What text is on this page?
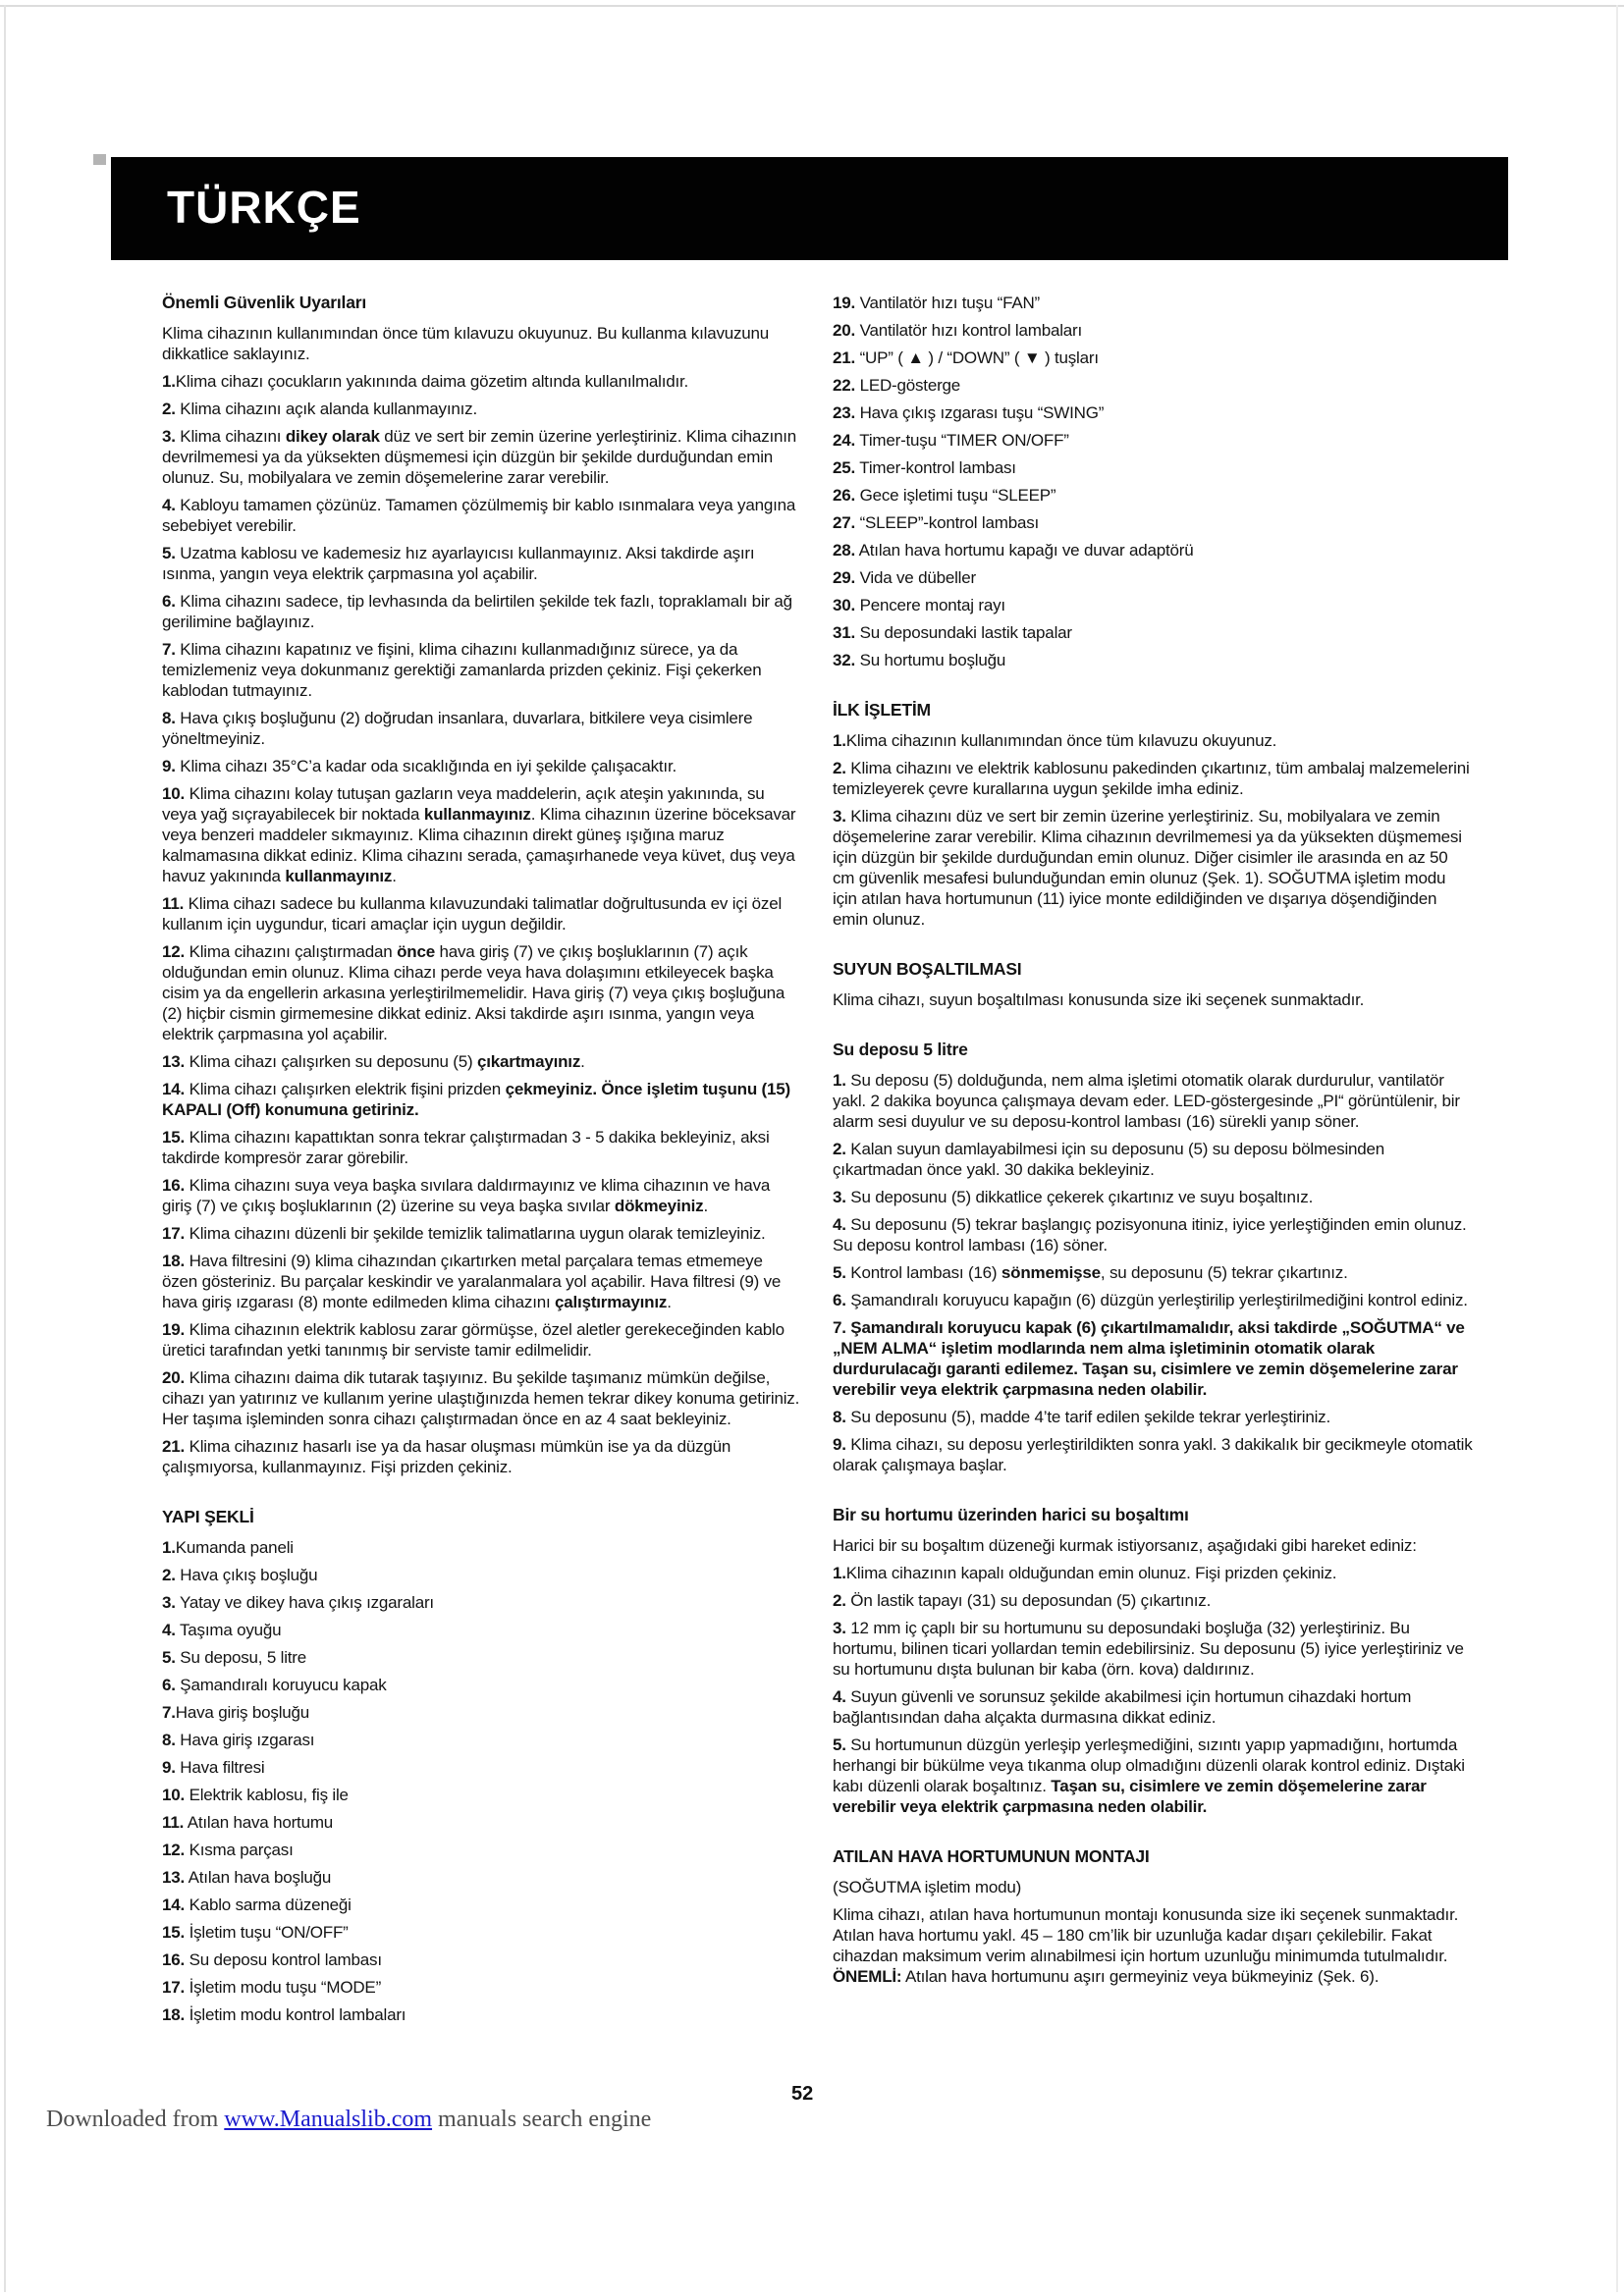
TÜRKÇE

Önemli Güvenlik Uyarıları

Klima cihazının kullanımından önce tüm kılavuzu okuyunuz. Bu kullanma kılavuzunu dikkatlice saklayınız.

1.Klima cihazı çocukların yakınında daima gözetim altında kullanılmalıdır.

2. Klima cihazını açık alanda kullanmayınız.

3. Klima cihazını dikey olarak düz ve sert bir zemin üzerine yerleştiriniz. Klima cihazının devrilmemesi ya da yüksekten düşmemesi için düzgün bir şekilde durduğundan emin olunuz. Su, mobilyalara ve zemin döşemelerine zarar verebilir.

4. Kabloyu tamamen çözünüz. Tamamen çözülmemiş bir kablo ısınmalara veya yangına sebebiyet verebilir.

5. Uzatma kablosu ve kademesiz hız ayarlayıcısı kullanmayınız. Aksi takdirde aşırı ısınma, yangın veya elektrik çarpmasına yol açabilir.

6. Klima cihazını sadece, tip levhasında da belirtilen şekilde tek fazlı, topraklamalı bir ağ gerilimine bağlayınız.

7. Klima cihazını kapatınız ve fişini, klima cihazını kullanmadığınız sürece, ya da temizlemeniz veya dokunmanız gerektiği zamanlarda prizden çekiniz. Fişi çekerken kablodan tutmayınız.

8. Hava çıkış boşluğunu (2) doğrudan insanlara, duvarlara, bitkilere veya cisimlere yöneltmeyiniz.

9. Klima cihazı 35°C’a kadar oda sıcaklığında en iyi şekilde çalışacaktır.

10. Klima cihazını kolay tutuşan gazların veya maddelerin, açık ateşin yakınında, su veya yağ sıçrayabilecek bir noktada kullanmayınız. Klima cihazının üzerine böceksavar veya benzeri maddeler sıkmayınız. Klima cihazının direkt güneş ışığına maruz kalmamasına dikkat ediniz. Klima cihazını serada, çamaşırhanede veya küvet, duş veya havuz yakınında kullanmayınız.

11. Klima cihazı sadece bu kullanma kılavuzundaki talimatlar doğrultusunda ev içi özel kullanım için uygundur, ticari amaçlar için uygun değildir.

12. Klima cihazını çalıştırmadan önce hava giriş (7) ve çıkış boşluklarının (7) açık olduğundan emin olunuz. Klima cihazı perde veya hava dolaşımını etkileyecek başka cisim ya da engellerin arkasına yerleştirilmemelidir. Hava giriş (7) veya çıkış boşluğuna (2) hiçbir cismin girmemesine dikkat ediniz. Aksi takdirde aşırı ısınma, yangın veya elektrik çarpmasına yol açabilir.

13. Klima cihazı çalışırken su deposunu (5) çıkartmayınız.

14. Klima cihazı çalışırken elektrik fişini prizden çekmeyiniz. Önce işletim tuşunu (15) KAPALI (Off) konumuna getiriniz.

15. Klima cihazını kapattıktan sonra tekrar çalıştırmadan 3 - 5 dakika bekleyiniz, aksi takdirde kompresör zarar görebilir.

16. Klima cihazını suya veya başka sıvılara daldırmayınız ve klima cihazının ve hava giriş (7) ve çıkış boşluklarının (2) üzerine su veya başka sıvılar dökmeyiniz.

17. Klima cihazını düzenli bir şekilde temizlik talimatlarına uygun olarak temizleyiniz.

18. Hava filtresini (9) klima cihazından çıkartırken metal parçalara temas etmemeye özen gösteriniz. Bu parçalar keskindir ve yaralanmalara yol açabilir. Hava filtresi (9) ve hava giriş ızgarası (8) monte edilmeden klima cihazını çalıştırmayınız.

19. Klima cihazının elektrik kablosu zarar görmüşse, özel aletler gerekeceğinden kablo üretici tarafından yetki tanınmış bir serviste tamir edilmelidir.

20. Klima cihazını daima dik tutarak taşıyınız. Bu şekilde taşımanız mümkün değilse, cihazı yan yatırınız ve kullanım yerine ulaştığınızda hemen tekrar dikey konuma getiriniz. Her taşıma işleminden sonra cihazı çalıştırmadan önce en az 4 saat bekleyiniz.

21. Klima cihazınız hasarlı ise ya da hasar oluşması mümkün ise ya da düzgün çalışmıyorsa, kullanmayınız. Fişi prizden çekiniz.

YAPI ŞEKLİ

1.Kumanda paneli

2. Hava çıkış boşluğu

3. Yatay ve dikey hava çıkış ızgaraları

4. Taşıma oyuğu

5. Su deposu, 5 litre

6. Şamandıralı koruyucu kapak

7.Hava giriş boşluğu

8. Hava giriş ızgarası

9. Hava filtresi

10. Elektrik kablosu, fiş ile

11. Atılan hava hortumu

12. Kısma parçası

13. Atılan hava boşluğu

14. Kablo sarma düzeneği

15. İşletim tuşu “ON/OFF”

16. Su deposu kontrol lambası

17. İşletim modu tuşu “MODE”

18. İşletim modu kontrol lambaları

19. Vantilatör hızı tuşu “FAN”

20. Vantilatör hızı kontrol lambaları

21. “UP” ( ▲ ) / “DOWN” ( ▼ ) tuşları

22. LED-gösterge

23. Hava çıkış ızgarası tuşu “SWING”

24. Timer-tuşu “TIMER ON/OFF”

25. Timer-kontrol lambası

26. Gece işletimi tuşu “SLEEP”

27. “SLEEP”-kontrol lambası

28. Atılan hava hortumu kapağı ve duvar adaptörü

29. Vida ve dübeller

30. Pencere montaj rayı

31. Su deposundaki lastik tapalar

32. Su hortumu boşluğu

İLK İŞLETİM

1.Klima cihazının kullanımından önce tüm kılavuzu okuyunuz.

2. Klima cihazını ve elektrik kablosunu pakedinden çıkartınız, tüm ambalaj malzemelerini temizleyerek çevre kurallarına uygun şekilde imha ediniz.

3. Klima cihazını düz ve sert bir zemin üzerine yerleştiriniz. Su, mobilyalara ve zemin döşemelerine zarar verebilir. Klima cihazının devrilmemesi ya da yüksekten düşmemesi için düzgün bir şekilde durduğundan emin olunuz. Diğer cisimler ile arasında en az 50 cm güvenlik mesafesi bulunduğundan emin olunuz (Şek. 1). SOĞUTMA işletim modu için atılan hava hortumunun (11) iyice monte edildiğinden ve dışarıya döşendiğinden emin olunuz.

SUYUN BOŞALTILMASI

Klima cihazı, suyun boşaltılması konusunda size iki seçenek sunmaktadır.

Su deposu 5 litre

1. Su deposu (5) dolduğunda, nem alma işletimi otomatik olarak durdurulur, vantilatör yakl. 2 dakika boyunca çalışmaya devam eder. LED-göstergesinde „PI“ görüntülenir, bir alarm sesi duyulur ve su deposu-kontrol lambası (16) sürekli yanıp söner.

2. Kalan suyun damlayabilmesi için su deposunu (5) su deposu bölmesinden çıkartmadan önce yakl. 30 dakika bekleyiniz.

3. Su deposunu (5) dikkatlice çekerek çıkartınız ve suyu boşaltınız.

4. Su deposunu (5) tekrar başlangıç pozisyonuna itiniz, iyice yerleştiğinden emin olunuz. Su deposu kontrol lambası (16) söner.

5. Kontrol lambası (16) sönmemişse, su deposunu (5) tekrar çıkartınız.

6. Şamandıralı koruyucu kapağın (6) düzgün yerleştirilip yerleştirilmediğini kontrol ediniz.

7. Şamandıralı koruyucu kapak (6) çıkartılmamalıdır, aksi takdirde „SOĞUTMA“ ve „NEM ALMA“ işletim modlarında nem alma işletiminin otomatik olarak durdurulacağı garanti edilemez. Taşan su, cisimlere ve zemin döşemelerine zarar verebilir veya elektrik çarpmasına neden olabilir.

8. Su deposunu (5), madde 4’te tarif edilen şekilde tekrar yerleştiriniz.

9. Klima cihazı, su deposu yerleştirildikten sonra yakl. 3 dakikalık bir gecikmeyle otomatik olarak çalışmaya başlar.

Bir su hortumu üzerinden harici su boşaltımı

Harici bir su boşaltım düzeneği kurmak istiyorsanız, aşağıdaki gibi hareket ediniz:

1.Klima cihazının kapalı olduğundan emin olunuz. Fişi prizden çekiniz.

2. Ön lastik tapayı (31) su deposundan (5) çıkartınız.

3. 12 mm iç çaplı bir su hortumunu su deposundaki boşluğa (32) yerleştiriniz. Bu hortumu, bilinen ticari yollardan temin edebilirsiniz. Su deposunu (5) iyice yerleştiriniz ve su hortumunu dışta bulunan bir kaba (örn. kova) daldırınız.

4. Suyun güvenli ve sorunsuz şekilde akabilmesi için hortumun cihazdaki hortum bağlantısından daha alçakta durmasına dikkat ediniz.

5. Su hortumunun düzgün yerleşip yerleşmediğini, sızıntı yapıp yapmadığını, hortumda herhangi bir bükülme veya tıkanma olup olmadığını düzenli olarak kontrol ediniz. Dıştaki kabı düzenli olarak boşaltınız. Taşan su, cisimlere ve zemin döşemelerine zarar verebilir veya elektrik çarpmasına neden olabilir.

ATILAN HAVA HORTUMUNUN MONTAJI

(SOĞUTMA işletim modu)

Klima cihazı, atılan hava hortumunun montajı konusunda size iki seçenek sunmaktadır. Atılan hava hortumu yakl. 45 – 180 cm’lik bir uzunluğa kadar dışarı çekilebilir. Fakat cihazdan maksimum verim alınabilmesi için hortum uzunluğu minimumda tutulmalıdır. ÖNEMLİ: Atılan hava hortumunu aşırı germeyiniz veya bükmeyiniz (Şek. 6).

Downloaded from www.Manualslib.com manuals search engine
52
